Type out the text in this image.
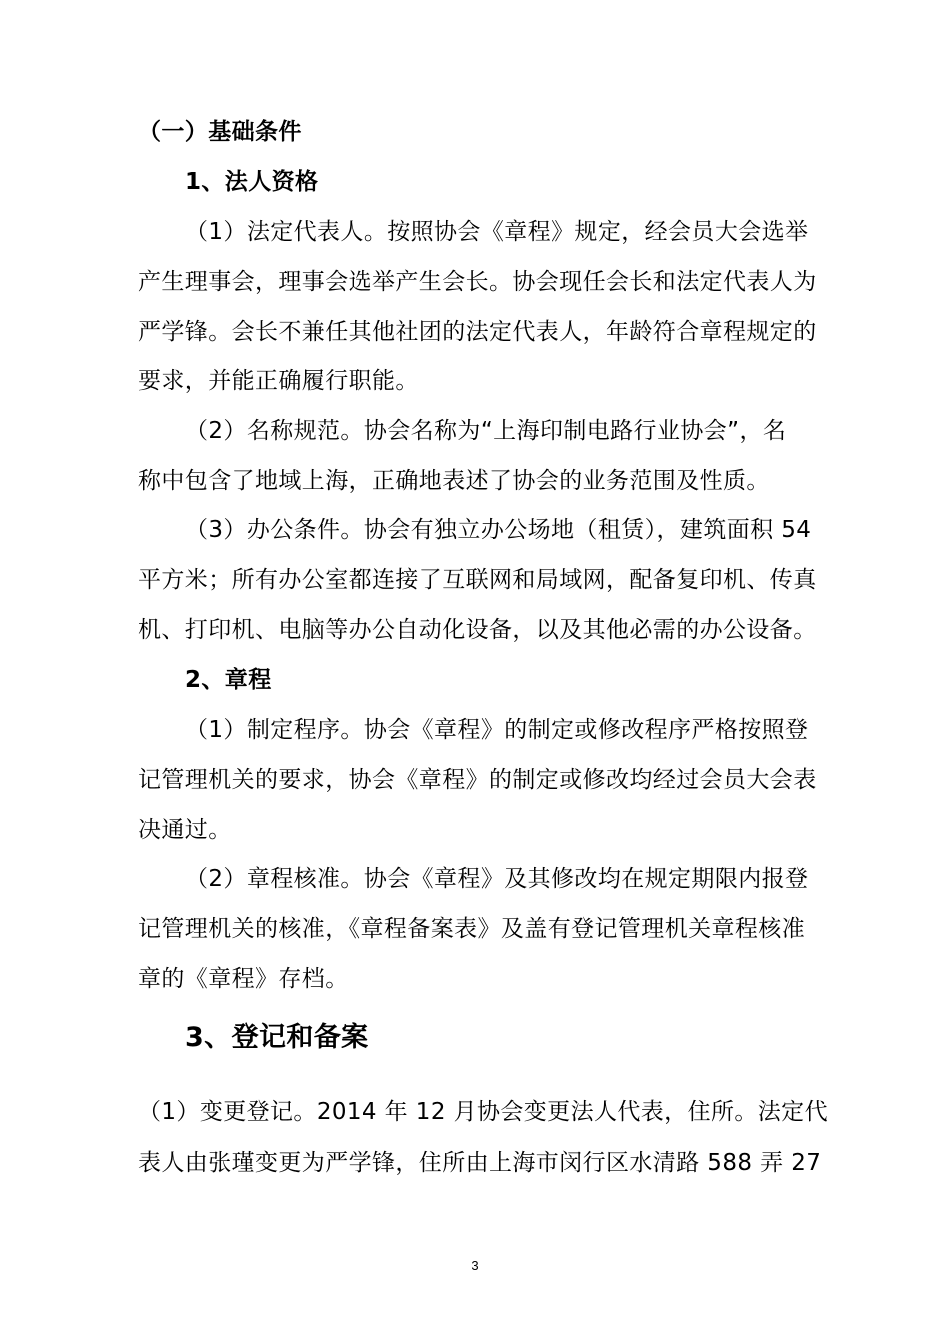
（一）基础条件
1、法人资格
（1）法定代表人。按照协会《章程》规定，经会员大会选举
产生理事会，理事会选举产生会长。协会现任会长和法定代表人为
严学锋。会长不兼任其他社团的法定代表人，年龄符合章程规定的
要求，并能正确履行职能。
（2）名称规范。协会名称为“上海印制电路行业协会”，名
称中包含了地域上海，正确地表述了协会的业务范围及性质。
（3）办公条件。协会有独立办公场地（租赁），建筑面积 54
平方米；所有办公室都连接了互联网和局域网，配备复印机、传真
机、打印机、电脑等办公自动化设备，以及其他必需的办公设备。
2、章程
（1）制定程序。协会《章程》的制定或修改程序严格按照登
记管理机关的要求，协会《章程》的制定或修改均经过会员大会表
决通过。
（2）章程核准。协会《章程》及其修改均在规定期限内报登
记管理机关的核准，《章程备案表》及盖有登记管理机关章程核准
章的《章程》存档。
3、登记和备案
（1）变更登记。2014 年 12 月协会变更法人代表，住所。法定代
表人由张瑾变更为严学锋，住所由上海市闵行区水清路 588 弄 27
3
